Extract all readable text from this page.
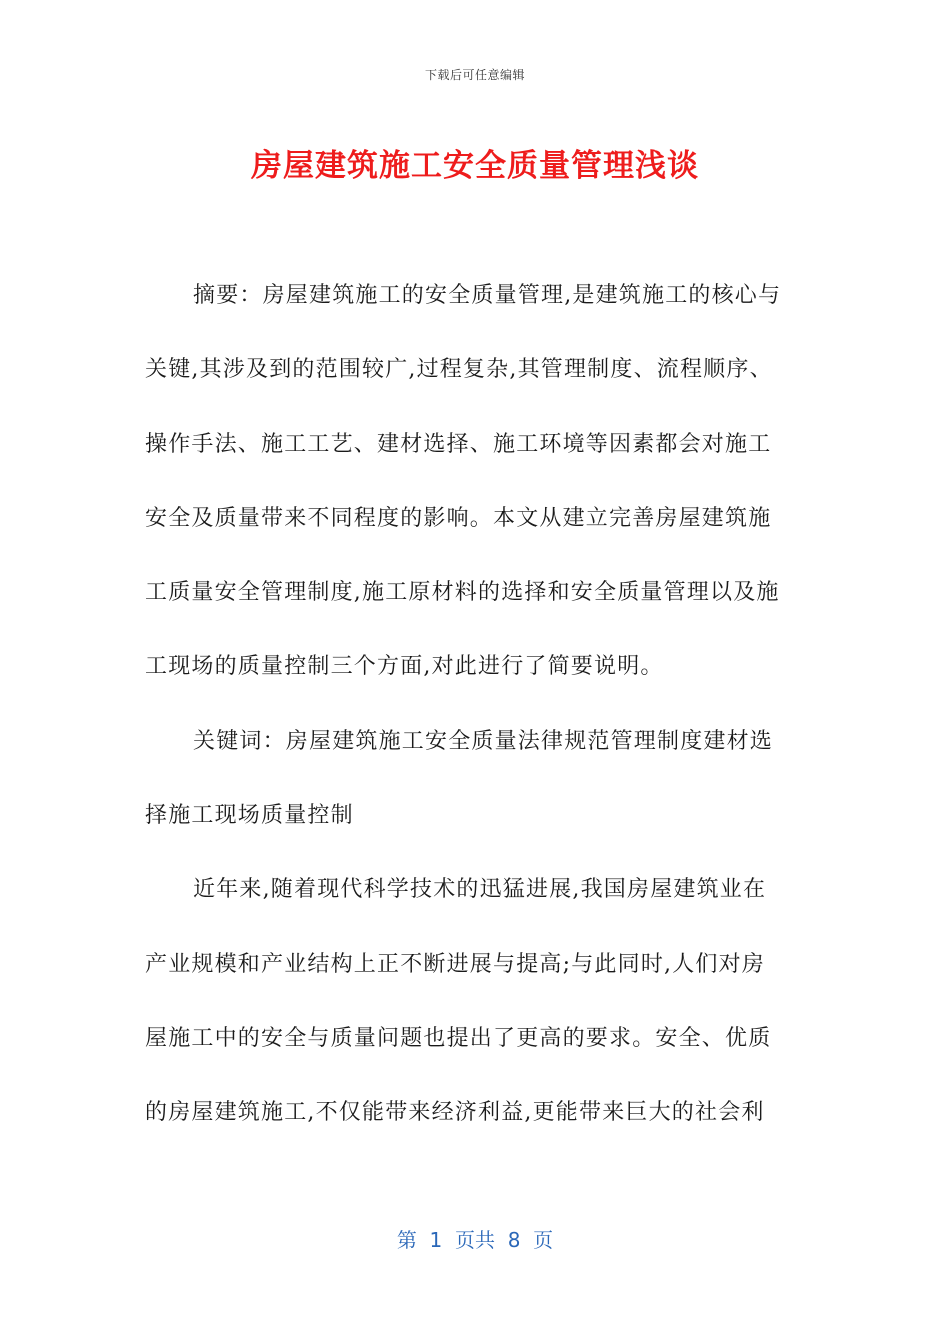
下载后可任意编辑
房屋建筑施工安全质量管理浅谈
摘要：房屋建筑施工的安全质量管理,是建筑施工的核心与
关键,其涉及到的范围较广,过程复杂,其管理制度、流程顺序、
操作手法、施工工艺、建材选择、施工环境等因素都会对施工
安全及质量带来不同程度的影响。本文从建立完善房屋建筑施
工质量安全管理制度,施工原材料的选择和安全质量管理以及施
工现场的质量控制三个方面,对此进行了简要说明。
关键词：房屋建筑施工安全质量法律规范管理制度建材选
择施工现场质量控制
近年来,随着现代科学技术的迅猛进展,我国房屋建筑业在
产业规模和产业结构上正不断进展与提高;与此同时,人们对房
屋施工中的安全与质量问题也提出了更高的要求。安全、优质
的房屋建筑施工,不仅能带来经济利益,更能带来巨大的社会利
第  1  页共  8  页
